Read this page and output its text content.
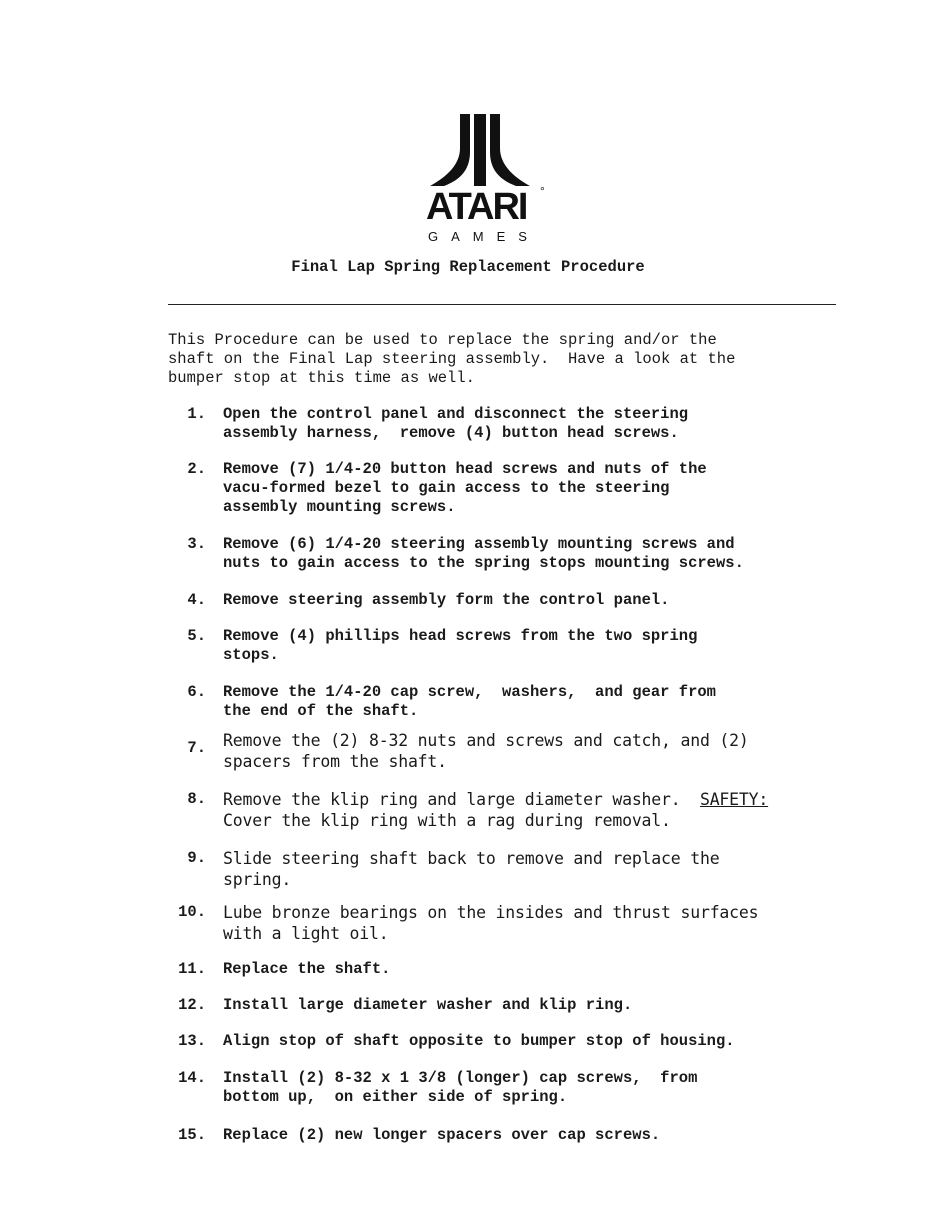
ATARI °
GAMES
Final Lap Spring Replacement Procedure
This Procedure can be used to replace the spring and/or the
shaft on the Final Lap steering assembly.  Have a look at the
bumper stop at this time as well.
1. Open the control panel and disconnect the steering
assembly harness,  remove (4) button head screws.
2. Remove (7) 1/4-20 button head screws and nuts of the
vacu-formed bezel to gain access to the steering
assembly mounting screws.
3. Remove (6) 1/4-20 steering assembly mounting screws and
nuts to gain access to the spring stops mounting screws.
4. Remove steering assembly form the control panel.
5. Remove (4) phillips head screws from the two spring
stops.
6. Remove the 1/4-20 cap screw,  washers,  and gear from
the end of the shaft.
7. Remove the (2) 8-32 nuts and screws and catch, and (2)
spacers from the shaft.
8. Remove the klip ring and large diameter washer.  SAFETY:
Cover the klip ring with a rag during removal.
9. Slide steering shaft back to remove and replace the
spring.
10. Lube bronze bearings on the insides and thrust surfaces
with a light oil.
11. Replace the shaft.
12. Install large diameter washer and klip ring.
13. Align stop of shaft opposite to bumper stop of housing.
14. Install (2) 8-32 x 1 3/8 (longer) cap screws,  from
bottom up,  on either side of spring.
15. Replace (2) new longer spacers over cap screws.
